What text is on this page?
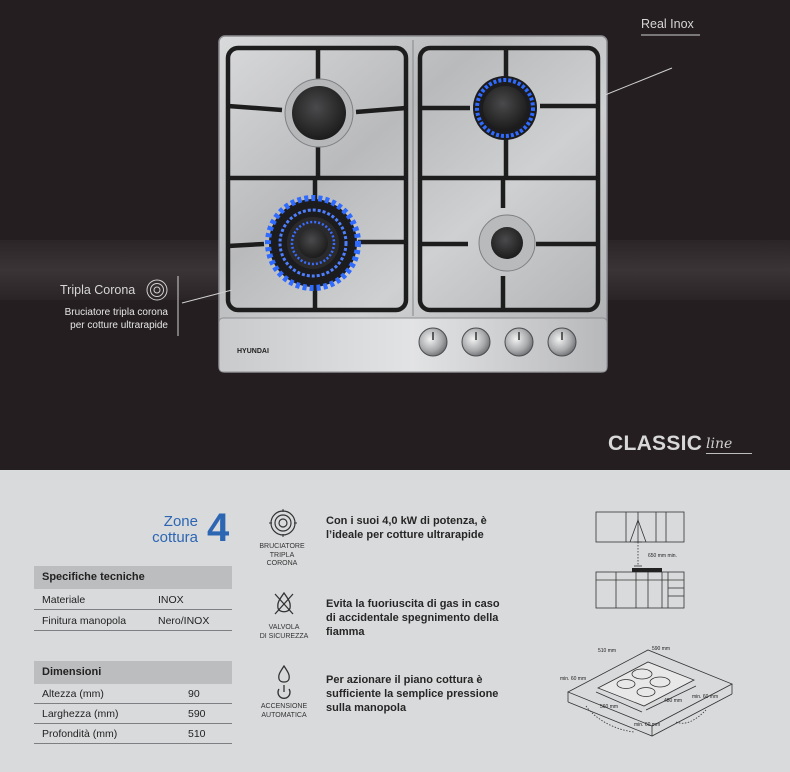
HYUNDAI
Real Inox
Tripla Corona
Bruciatore tripla corona
per cotture ultrarapide
CLASSIC line
Zone
cottura 4
Specifiche tecniche
Materiale	INOX
Finitura manopola	Nero/INOX
Dimensioni
Altezza (mm)	90
Larghezza (mm)	590
Profondità (mm)	510
BRUCIATORE
TRIPLA
CORONA
Con i suoi 4,0 kW di potenza, è
l’ideale per cotture ultrarapide
VALVOLA
DI SICUREZZA
Evita la fuoriuscita di gas in caso
di accidentale spegnimento della
fiamma
ACCENSIONE
AUTOMATICA
Per azionare il piano cottura è
sufficiente la semplice pressione
sulla manopola
650 mm min.
510 mm	590 mm
560 mm
480 mm
min. 60 mm
min. 60 mm
min. 60 mm
